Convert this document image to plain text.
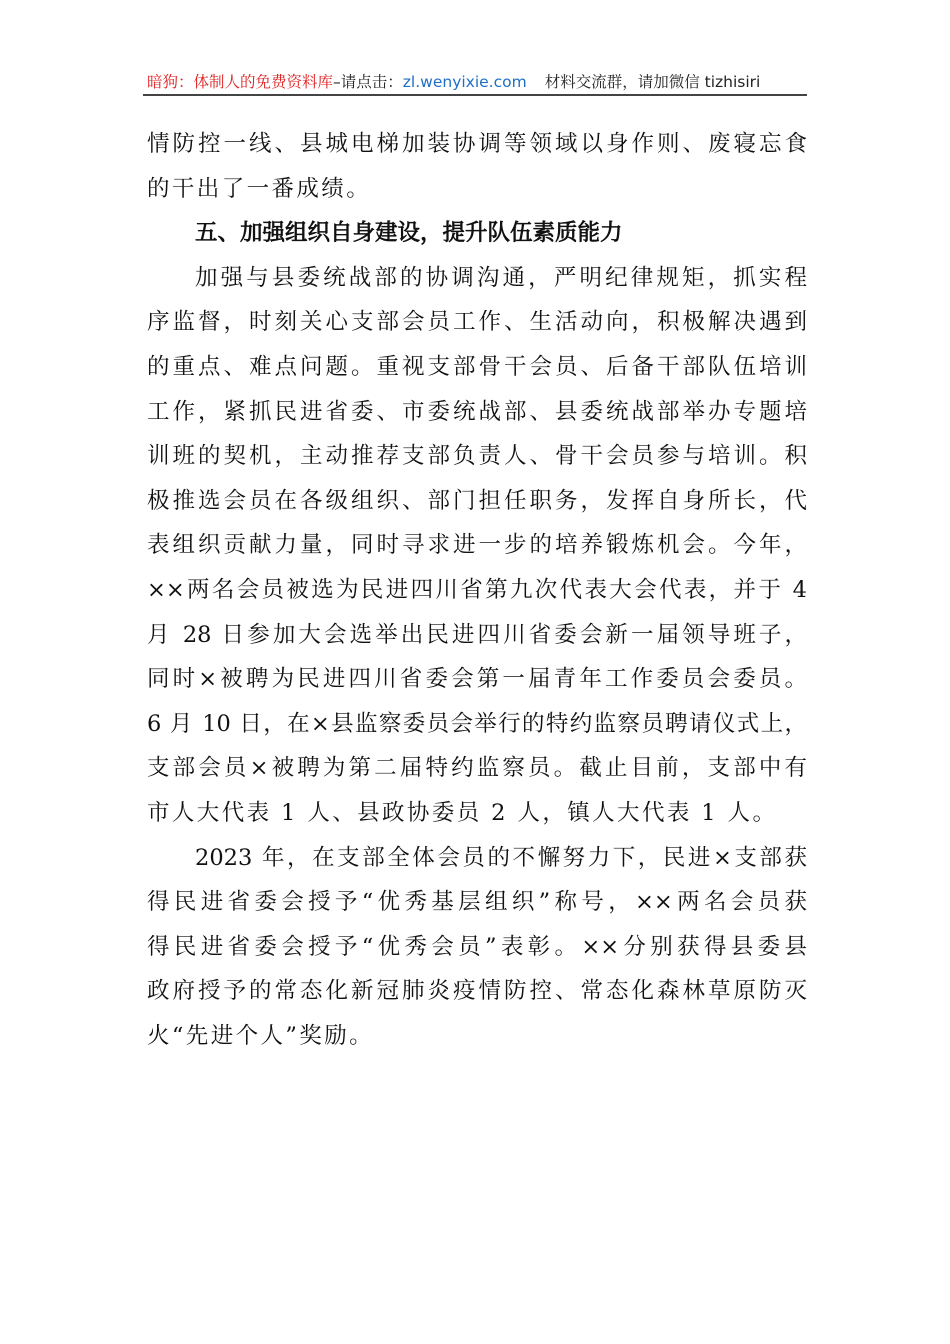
暗狗：体制人的免费资料库–请点击：zl.wenyixie.com 材料交流群，请加微信 tizhisiri
情防控一线、县城电梯加装协调等领域以身作则、废寝忘食
的干出了一番成绩。
五、加强组织自身建设，提升队伍素质能力
加强与县委统战部的协调沟通，严明纪律规矩，抓实程
序监督，时刻关心支部会员工作、生活动向，积极解决遇到
的重点、难点问题。重视支部骨干会员、后备干部队伍培训
工作，紧抓民进省委、市委统战部、县委统战部举办专题培
训班的契机，主动推荐支部负责人、骨干会员参与培训。积
极推选会员在各级组织、部门担任职务，发挥自身所长，代
表组织贡献力量，同时寻求进一步的培养锻炼机会。今年，
××两名会员被选为民进四川省第九次代表大会代表，并于 4
月 28 日参加大会选举出民进四川省委会新一届领导班子，
同时×被聘为民进四川省委会第一届青年工作委员会委员。
6 月 10 日，在×县监察委员会举行的特约监察员聘请仪式上，
支部会员×被聘为第二届特约监察员。截止目前，支部中有
市人大代表 1 人、县政协委员 2 人，镇人大代表 1 人。
2023 年，在支部全体会员的不懈努力下，民进×支部获
得民进省委会授予“优秀基层组织”称号，××两名会员获
得民进省委会授予“优秀会员”表彰。××分别获得县委县
政府授予的常态化新冠肺炎疫情防控、常态化森林草原防灭
火“先进个人”奖励。
